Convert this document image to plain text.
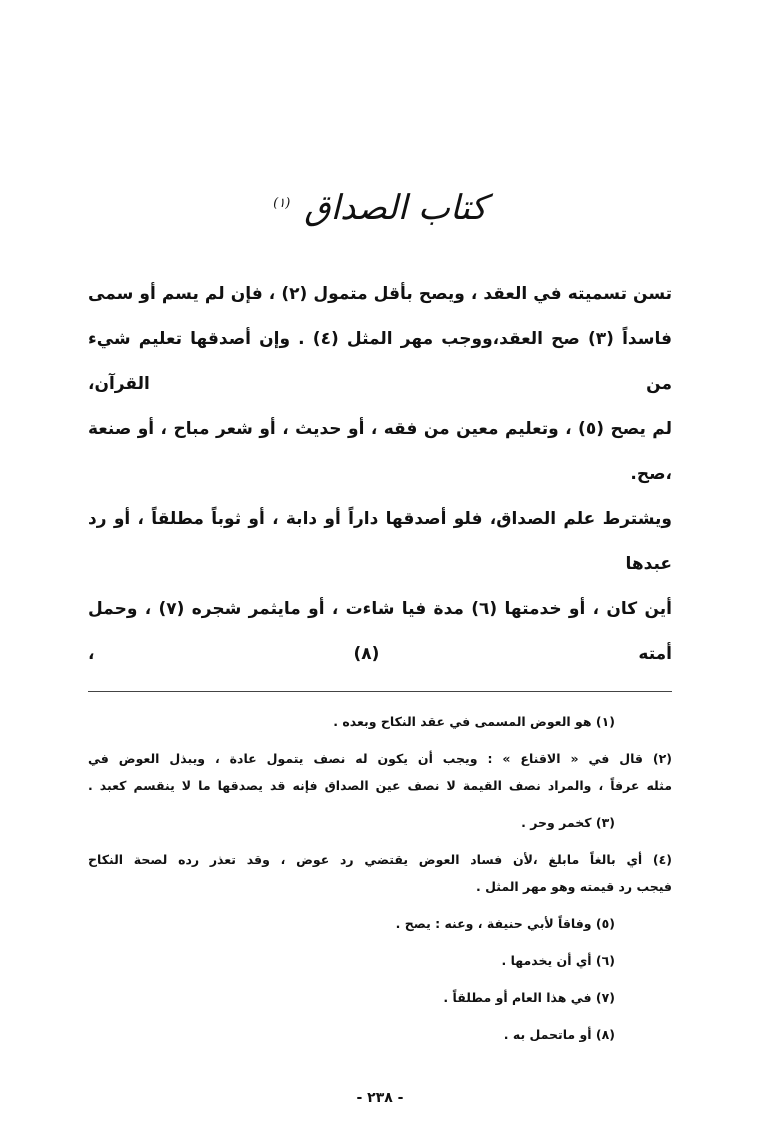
كتاب الصداق$^{(١)}$
تسن تسميته في العقد ، ويصح بأقل متمول (٢) ، فإن لم يسم أو سمى
فاسداً (٣) صح العقد،ووجب مهر المثل (٤) . وإن أصدقها تعليم شيء من القرآن،
لم يصح (٥) ، وتعليم معين من فقه ، أو حديث ، أو شعر مباح ، أو صنعة ،صح.
ويشترط علم الصداق، فلو أصدقها داراً أو دابة ، أو ثوباً مطلقاً ، أو رد عبدها
أين كان ، أو خدمتها (٦) مدة فيا شاءت ، أو مايثمر شجره (٧) ، وحمل أمته (٨) ،
(١) هو العوض المسمى في عقد النكاح وبعده .
(٢) قال في « الاقناع » : ويجب أن يكون له نصف يتمول عادة ، ويبذل العوض في
مثله عرفاً ، والمراد نصف القيمة لا نصف عين الصداق فإنه قد يصدقها ما لا ينقسم كعبد .
(٣) كخمر وحر .
(٤) أي بالغاً مابلغ ،لأن فساد العوض يقتضي رد عوض ، وقد تعذر رده لصحة النكاح
فيجب رد قيمته وهو مهر المثل .
(٥) وفاقاً لأبي حنيفة ، وعنه : يصح .
(٦) أي أن يخدمها .
(٧) في هذا العام أو مطلقاً .
(٨) أو ماتحمل به .
- ٢٣٨ -
